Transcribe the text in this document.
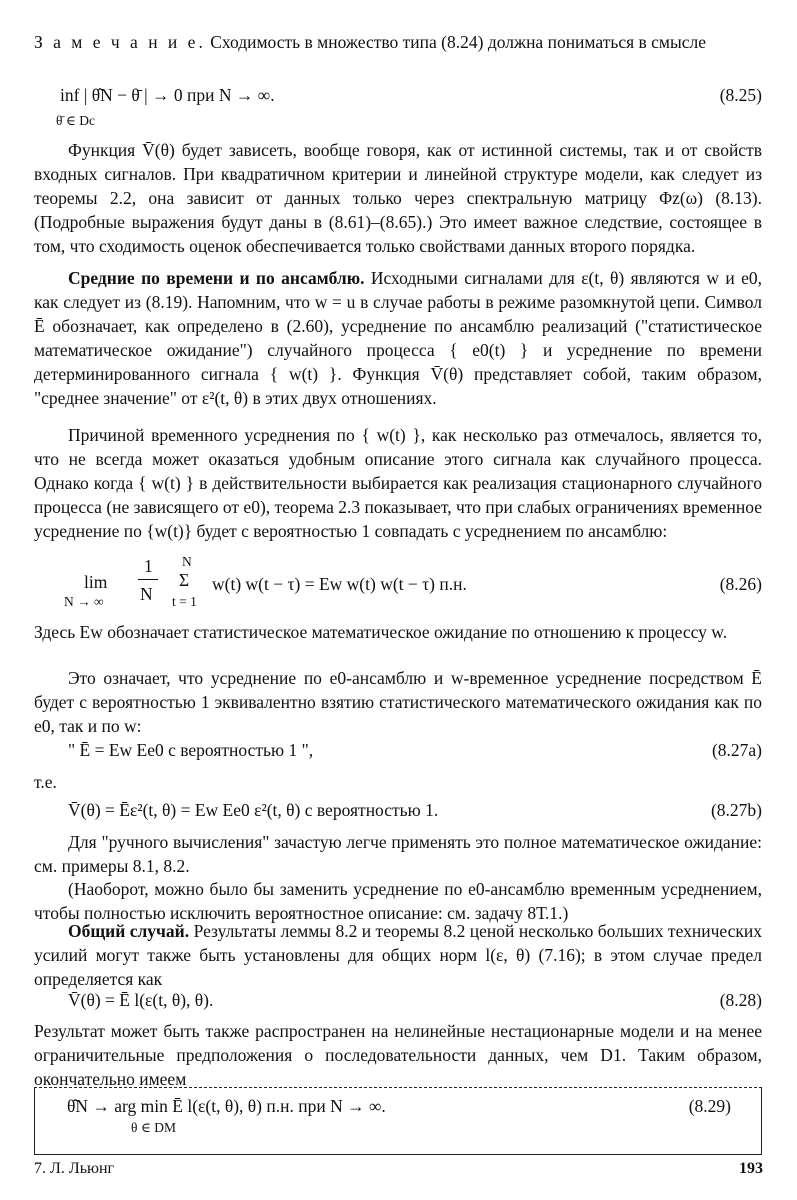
З а м е ч а н и е. Сходимость в множество типа (8.24) должна пониматься в смысле

inf | θ̂N − θ̄ | → 0 при N → ∞.
θ̄ ∈ Dc
(8.25)

Функция V̄(θ) будет зависеть, вообще говоря, как от истинной системы, так и от свойств входных сигналов. При квадратичном критерии и линейной структуре модели, как следует из теоремы 2.2, она зависит от данных только через спектральную матрицу Φz(ω) (8.13). (Подробные выражения будут даны в (8.61)–(8.65).) Это имеет важное следствие, состоящее в том, что сходимость оценок обеспечивается только свойствами данных второго порядка.

Средние по времени и по ансамблю. Исходными сигналами для ε(t, θ) являются w и e0, как следует из (8.19). Напомним, что w = u в случае работы в режиме разомкнутой цепи. Символ Ē обозначает, как определено в (2.60), усреднение по ансамблю реализаций ("статистическое математическое ожидание") случайного процесса { e0(t) } и усреднение по времени детерминированного сигнала { w(t) }. Функция V̄(θ) представляет собой, таким образом, "среднее значение" от ε²(t, θ) в этих двух отношениях.

Причиной временного усреднения по { w(t) }, как несколько раз отмечалось, является то, что не всегда может оказаться удобным описание этого сигнала как случайного процесса. Однако когда { w(t) } в действительности выбирается как реализация стационарного случайного процесса (не зависящего от e0), теорема 2.3 показывает, что при слабых ограничениях временное усреднение по {w(t)} будет с вероятностью 1 совпадать с усреднением по ансамблю:

lim
N → ∞
1
N
N
Σ
t = 1
w(t) w(t − τ) = Ew w(t) w(t − τ) п.н.	(8.26)

Здесь Ew обозначает статистическое математическое ожидание по отношению к процессу w.

Это означает, что усреднение по e0-ансамблю и w-временное усреднение посредством Ē будет с вероятностью 1 эквивалентно взятию статистического математического ожидания как по e0, так и по w:

" Ē = Ew Ee0 с вероятностью 1 ",	(8.27a)

т.е.

V̄(θ) = Ēε²(t, θ) = Ew Ee0 ε²(t, θ) с вероятностью 1.	(8.27b)

Для "ручного вычисления" зачастую легче применять это полное математическое ожидание: см. примеры 8.1, 8.2.

(Наоборот, можно было бы заменить усреднение по e0-ансамблю временным усреднением, чтобы полностью исключить вероятностное описание: см. задачу 8Т.1.)

Общий случай. Результаты леммы 8.2 и теоремы 8.2 ценой несколько больших технических усилий могут также быть установлены для общих норм l(ε, θ) (7.16); в этом случае предел определяется как

V̄(θ) = Ē l(ε(t, θ), θ).	(8.28)

Результат может быть также распространен на нелинейные нестационарные модели и на менее ограничительные предположения о последовательности данных, чем D1. Таким образом, окончательно имеем

θ̂N → arg min Ē l(ε(t, θ), θ) п.н. при N → ∞.
θ ∈ DM
(8.29)
7. Л. Льюнг	193
